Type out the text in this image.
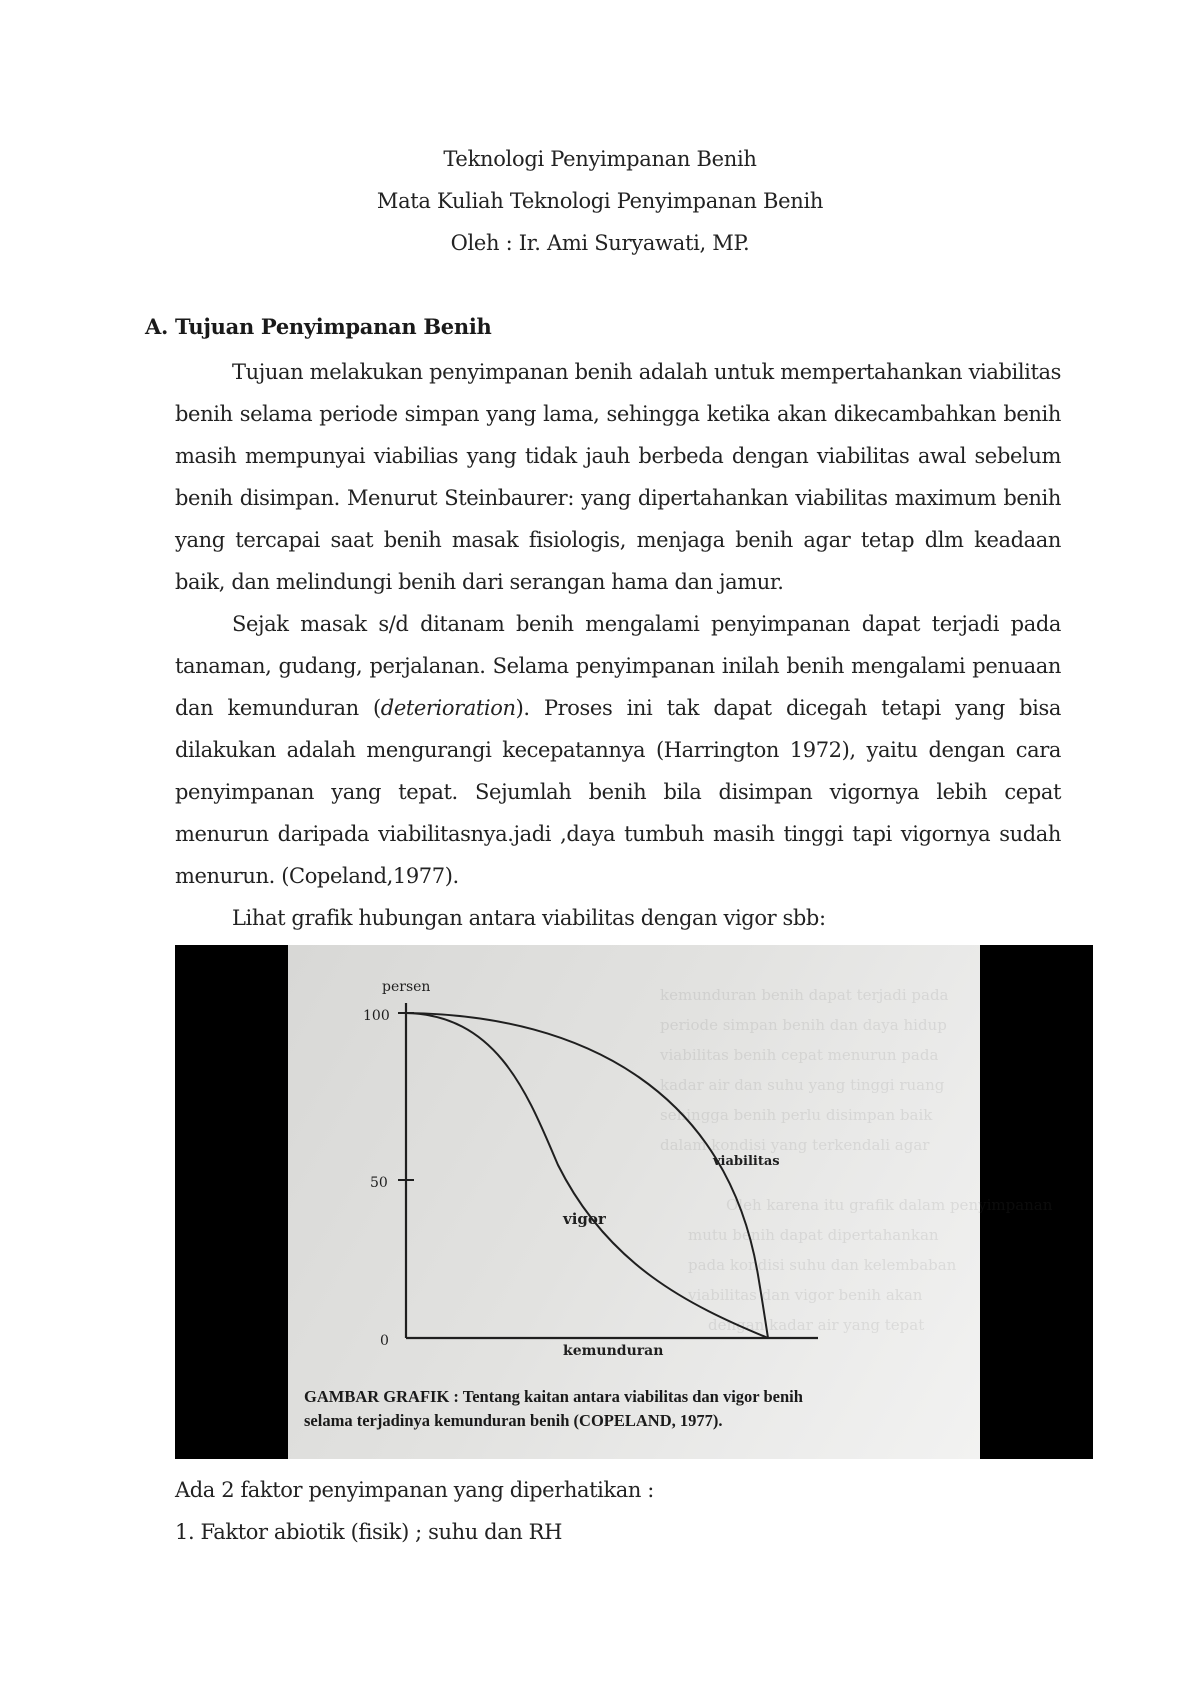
Teknologi Penyimpanan Benih
Mata Kuliah Teknologi Penyimpanan Benih
Oleh : Ir. Ami Suryawati, MP.
A. Tujuan Penyimpanan Benih
Tujuan melakukan penyimpanan benih adalah untuk mempertahankan viabilitas benih selama periode simpan yang lama, sehingga ketika akan dikecambahkan benih masih mempunyai viabilias yang tidak jauh berbeda dengan viabilitas awal sebelum benih disimpan. Menurut Steinbaurer: yang dipertahankan viabilitas maximum benih yang tercapai saat benih masak fisiologis, menjaga benih agar tetap dlm keadaan baik, dan melindungi benih dari serangan hama dan jamur.
Sejak masak s/d ditanam benih mengalami penyimpanan dapat terjadi pada tanaman, gudang, perjalanan. Selama penyimpanan inilah benih mengalami penuaan dan kemunduran (deterioration). Proses ini tak dapat dicegah tetapi yang bisa dilakukan adalah mengurangi kecepatannya (Harrington 1972), yaitu dengan cara penyimpanan yang tepat. Sejumlah benih bila disimpan vigornya lebih cepat menurun daripada viabilitasnya.jadi ,daya tumbuh masih tinggi tapi vigornya sudah menurun. (Copeland,1977).
Lihat grafik hubungan antara viabilitas dengan vigor sbb:
kemunduran benih dapat terjadi pada
periode simpan benih dan daya hidup
viabilitas benih cepat menurun pada
kadar air dan suhu yang tinggi ruang
sehingga benih perlu disimpan baik
dalam kondisi yang terkendali agar
Oleh karena itu grafik dalam penyimpanan
mutu benih dapat dipertahankan
pada kondisi suhu dan kelembaban
viabilitas dan vigor benih akan
dengan kadar air yang tepat
persen
100
50
0
viabilitas
vigor
kemunduran
GAMBAR GRAFIK : Tentang kaitan antara viabilitas dan vigor benih
selama terjadinya kemunduran benih (COPELAND, 1977).
Ada 2 faktor penyimpanan yang diperhatikan :
1. Faktor abiotik (fisik) ; suhu dan RH
